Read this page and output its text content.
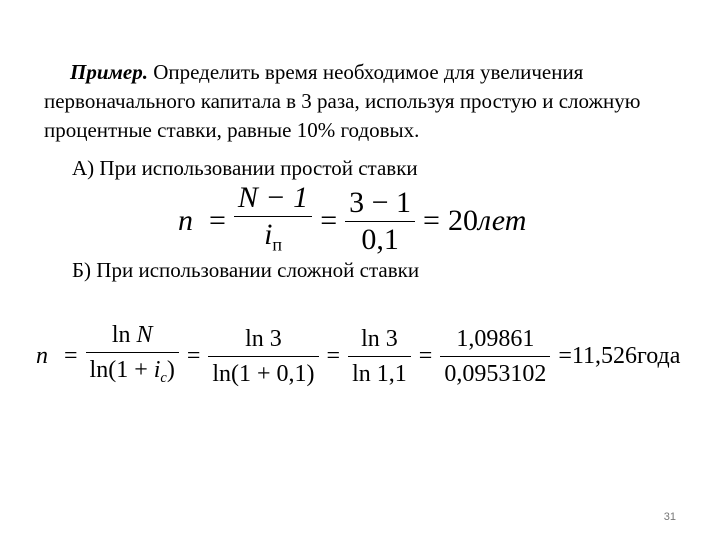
Пример. Определить время необходимое для увеличения первоначального капитала в 3 раза, используя простую и сложную процентные ставки, равные 10% годовых.
А) При использовании простой ставки
$n = \frac{N - 1}{i_п} = \frac{3 - 1}{0,1} = 20лет$
Б) При использовании сложной ставки
$n = \frac{\text{ln N}}{\ln(1 + i_c)} = \frac{\ln 3}{\ln(1 + 0,1)} = \frac{\ln 3}{\ln 1,1} = \frac{1,09861}{0,0953102}$ =11,526года
31
